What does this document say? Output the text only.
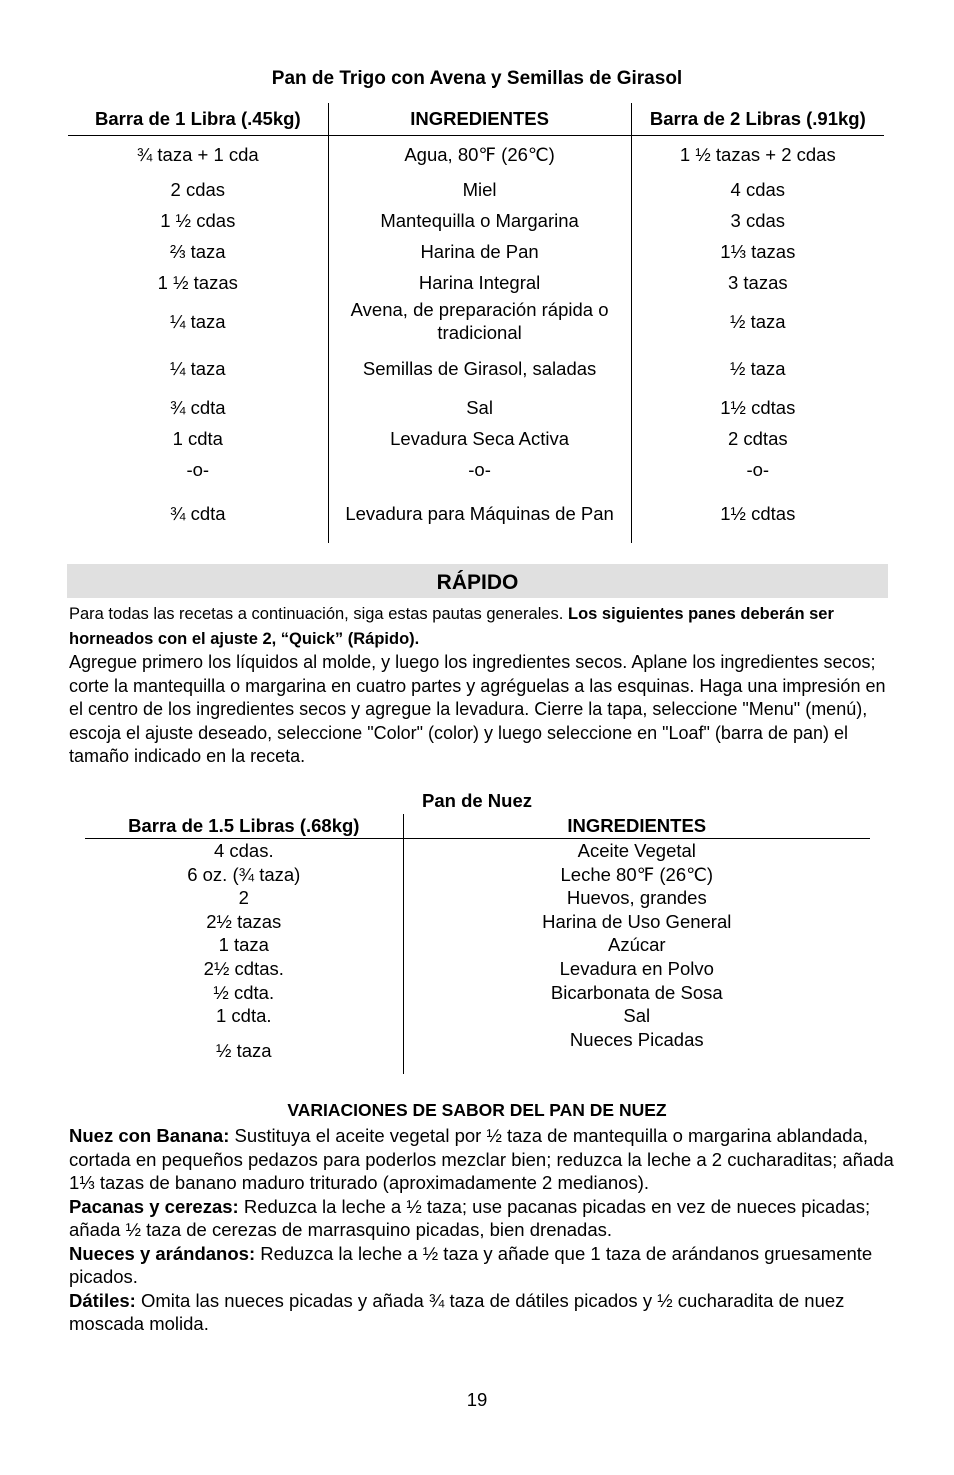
Pan de Trigo con Avena y Semillas de Girasol
Barra de 1 Libra (.45kg)	INGREDIENTES	Barra de 2 Libras (.91kg)
¾ taza + 1 cda	Agua, 80℉ (26℃)	1 ½ tazas + 2 cdas
2 cdas	Miel	4 cdas
1 ½ cdas	Mantequilla o Margarina	3 cdas
⅔ taza	Harina de Pan	1⅓ tazas
1 ½ tazas	Harina Integral	3 tazas
¼ taza	Avena, de preparación rápida o tradicional	½ taza
¼ taza	Semillas de Girasol, saladas	½ taza
¾ cdta	Sal	1½ cdtas
1 cdta	Levadura Seca Activa	2 cdtas
-o-	-o-	-o-
¾ cdta	Levadura para Máquinas de Pan	1½ cdtas
RÁPIDO
Para todas las recetas a continuación, siga estas pautas generales. Los siguientes panes deberán ser horneados con el ajuste 2, “Quick” (Rápido).
Agregue primero los líquidos al molde, y luego los ingredientes secos. Aplane los ingredientes secos; corte la mantequilla o margarina en cuatro partes y agréguelas a las esquinas. Haga una impresión en el centro de los ingredientes secos y agregue la levadura. Cierre la tapa, seleccione "Menu" (menú), escoja el ajuste deseado, seleccione "Color" (color) y luego seleccione en "Loaf" (barra de pan) el tamaño indicado en la receta.
Pan de Nuez
Barra de 1.5 Libras (.68kg)	INGREDIENTES
4 cdas.	Aceite Vegetal
6 oz. (¾ taza)	Leche 80℉ (26℃)
2	Huevos, grandes
2½ tazas	Harina de Uso General
1 taza	Azúcar
2½ cdtas.	Levadura en Polvo
½ cdta.	Bicarbonata de Sosa
1 cdta.	Sal
½ taza	Nueces Picadas
VARIACIONES DE SABOR DEL PAN DE NUEZ

Nuez con Banana: Sustituya el aceite vegetal por ½ taza de mantequilla o margarina ablandada, cortada en pequeños pedazos para poderlos mezclar bien; reduzca la leche a 2 cucharaditas; añada 1⅓ tazas de banano maduro triturado (aproximadamente 2 medianos).

Pacanas y cerezas: Reduzca la leche a ½ taza; use pacanas picadas en vez de nueces picadas; añada ½ taza de cerezas de marrasquino picadas, bien drenadas.

Nueces y arándanos: Reduzca la leche a ½ taza y añade que 1 taza de arándanos gruesamente picados.

Dátiles: Omita las nueces picadas y añada ¾ taza de dátiles picados y ½ cucharadita de nuez moscada molida.

19
